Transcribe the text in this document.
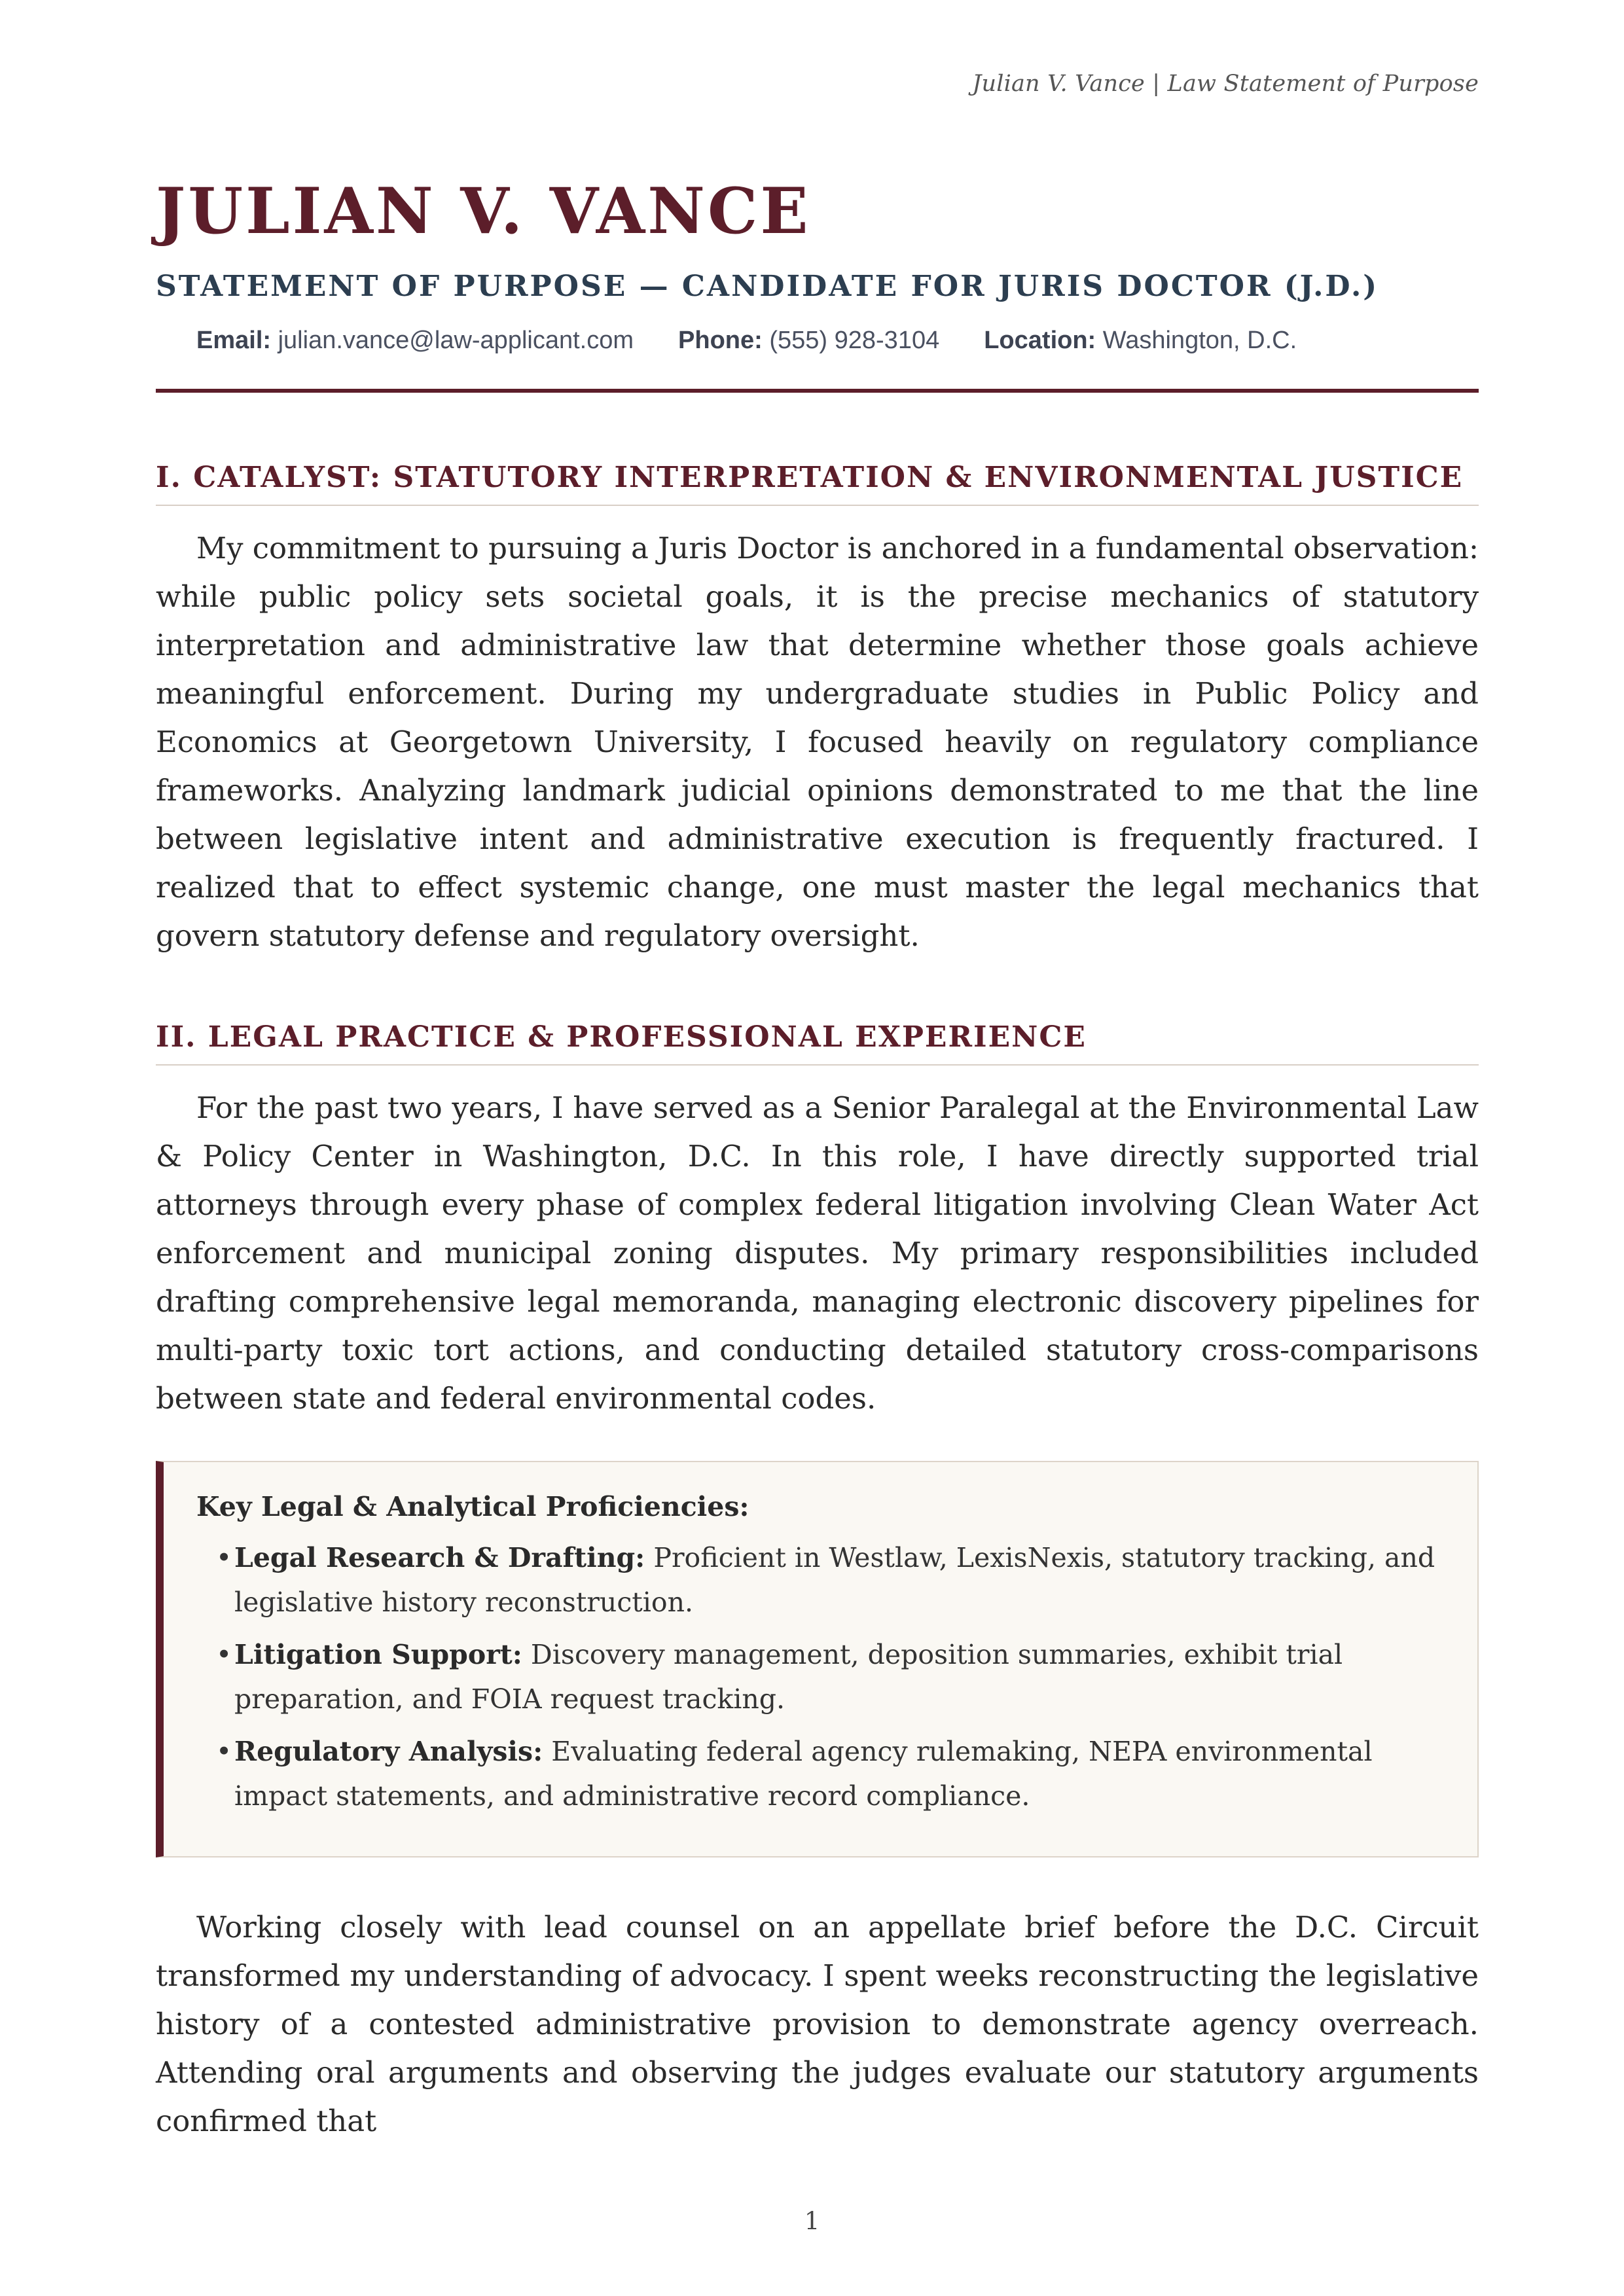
Julian V. Vance | Law Statement of Purpose
JULIAN V. VANCE
STATEMENT OF PURPOSE — CANDIDATE FOR JURIS DOCTOR (J.D.)
Email: julian.vance@law-applicant.com Phone: (555) 928-3104 Location: Washington, D.C.
I. CATALYST: STATUTORY INTERPRETATION & ENVIRONMENTAL JUSTICE

My commitment to pursuing a Juris Doctor is anchored in a fundamental observation: while public policy sets societal goals, it is the precise mechanics of statutory interpretation and administrative law that determine whether those goals achieve meaningful enforcement. During my undergraduate studies in Public Policy and Economics at Georgetown University, I focused heavily on regulatory compliance frameworks. Analyzing landmark judicial opinions demonstrated to me that the line between legislative intent and administrative execution is frequently fractured. I realized that to effect systemic change, one must master the legal mechanics that govern statutory defense and regulatory oversight.

II. LEGAL PRACTICE & PROFESSIONAL EXPERIENCE

For the past two years, I have served as a Senior Paralegal at the Environmental Law & Policy Center in Washington, D.C. In this role, I have directly supported trial attorneys through every phase of complex federal litigation involving Clean Water Act enforcement and municipal zoning disputes. My primary responsibilities included drafting comprehensive legal memoranda, managing electronic discovery pipelines for multi-party toxic tort actions, and conducting detailed statutory cross-comparisons between state and federal environmental codes.

Key Legal & Analytical Proficiencies:
• Legal Research & Drafting: Proficient in Westlaw, LexisNexis, statutory tracking, and legislative history reconstruction.
• Litigation Support: Discovery management, deposition summaries, exhibit trial preparation, and FOIA request tracking.
• Regulatory Analysis: Evaluating federal agency rulemaking, NEPA environmental impact statements, and administrative record compliance.

Working closely with lead counsel on an appellate brief before the D.C. Circuit transformed my understanding of advocacy. I spent weeks reconstructing the legislative history of a contested administrative provision to demonstrate agency overreach. Attending oral arguments and observing the judges evaluate our statutory arguments confirmed that

1
